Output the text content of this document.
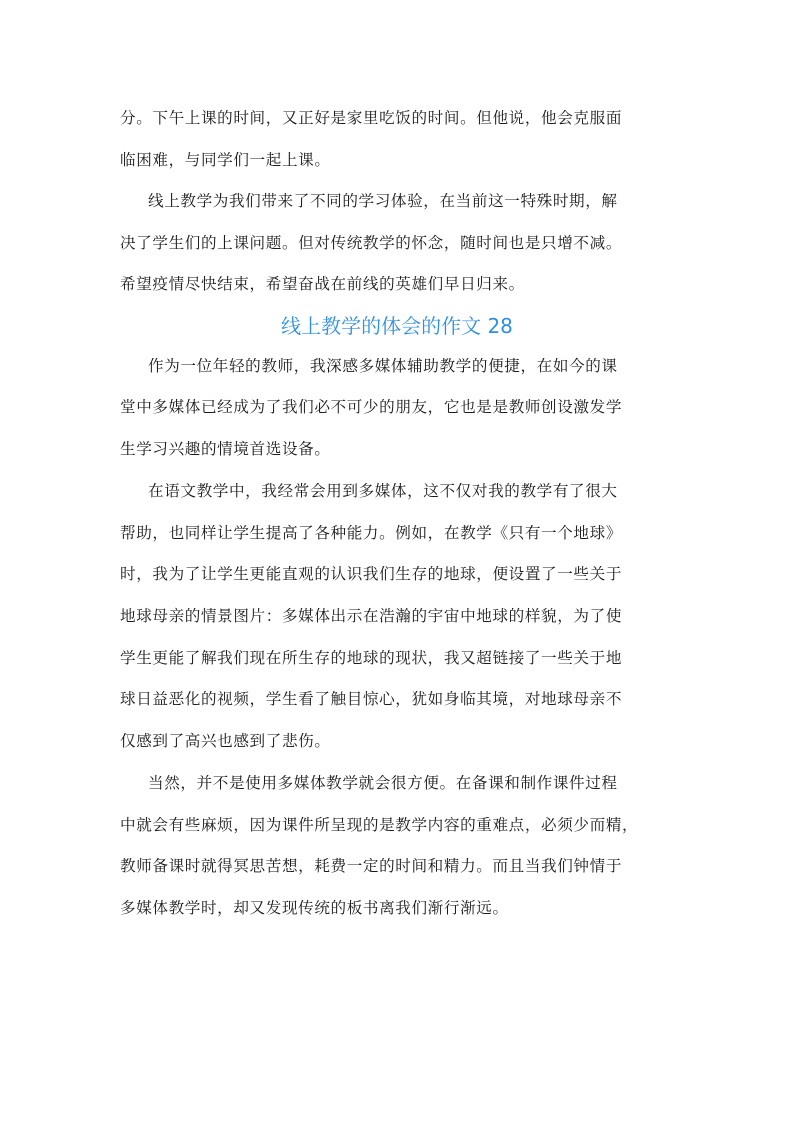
分。下午上课的时间，又正好是家里吃饭的时间。但他说，他会克服面
临困难，与同学们一起上课。
线上教学为我们带来了不同的学习体验，在当前这一特殊时期，解
决了学生们的上课问题。但对传统教学的怀念，随时间也是只增不减。
希望疫情尽快结束，希望奋战在前线的英雄们早日归来。
线上教学的体会的作文 28
作为一位年轻的教师，我深感多媒体辅助教学的便捷，在如今的课
堂中多媒体已经成为了我们必不可少的朋友，它也是是教师创设激发学
生学习兴趣的情境首选设备。
在语文教学中，我经常会用到多媒体，这不仅对我的教学有了很大
帮助，也同样让学生提高了各种能力。例如，在教学《只有一个地球》
时，我为了让学生更能直观的认识我们生存的地球，便设置了一些关于
地球母亲的情景图片：多媒体出示在浩瀚的宇宙中地球的样貌，为了使
学生更能了解我们现在所生存的地球的现状，我又超链接了一些关于地
球日益恶化的视频，学生看了触目惊心，犹如身临其境，对地球母亲不
仅感到了高兴也感到了悲伤。
当然，并不是使用多媒体教学就会很方便。在备课和制作课件过程
中就会有些麻烦，因为课件所呈现的是教学内容的重难点，必须少而精，
教师备课时就得冥思苦想，耗费一定的时间和精力。而且当我们钟情于
多媒体教学时，却又发现传统的板书离我们渐行渐远。
